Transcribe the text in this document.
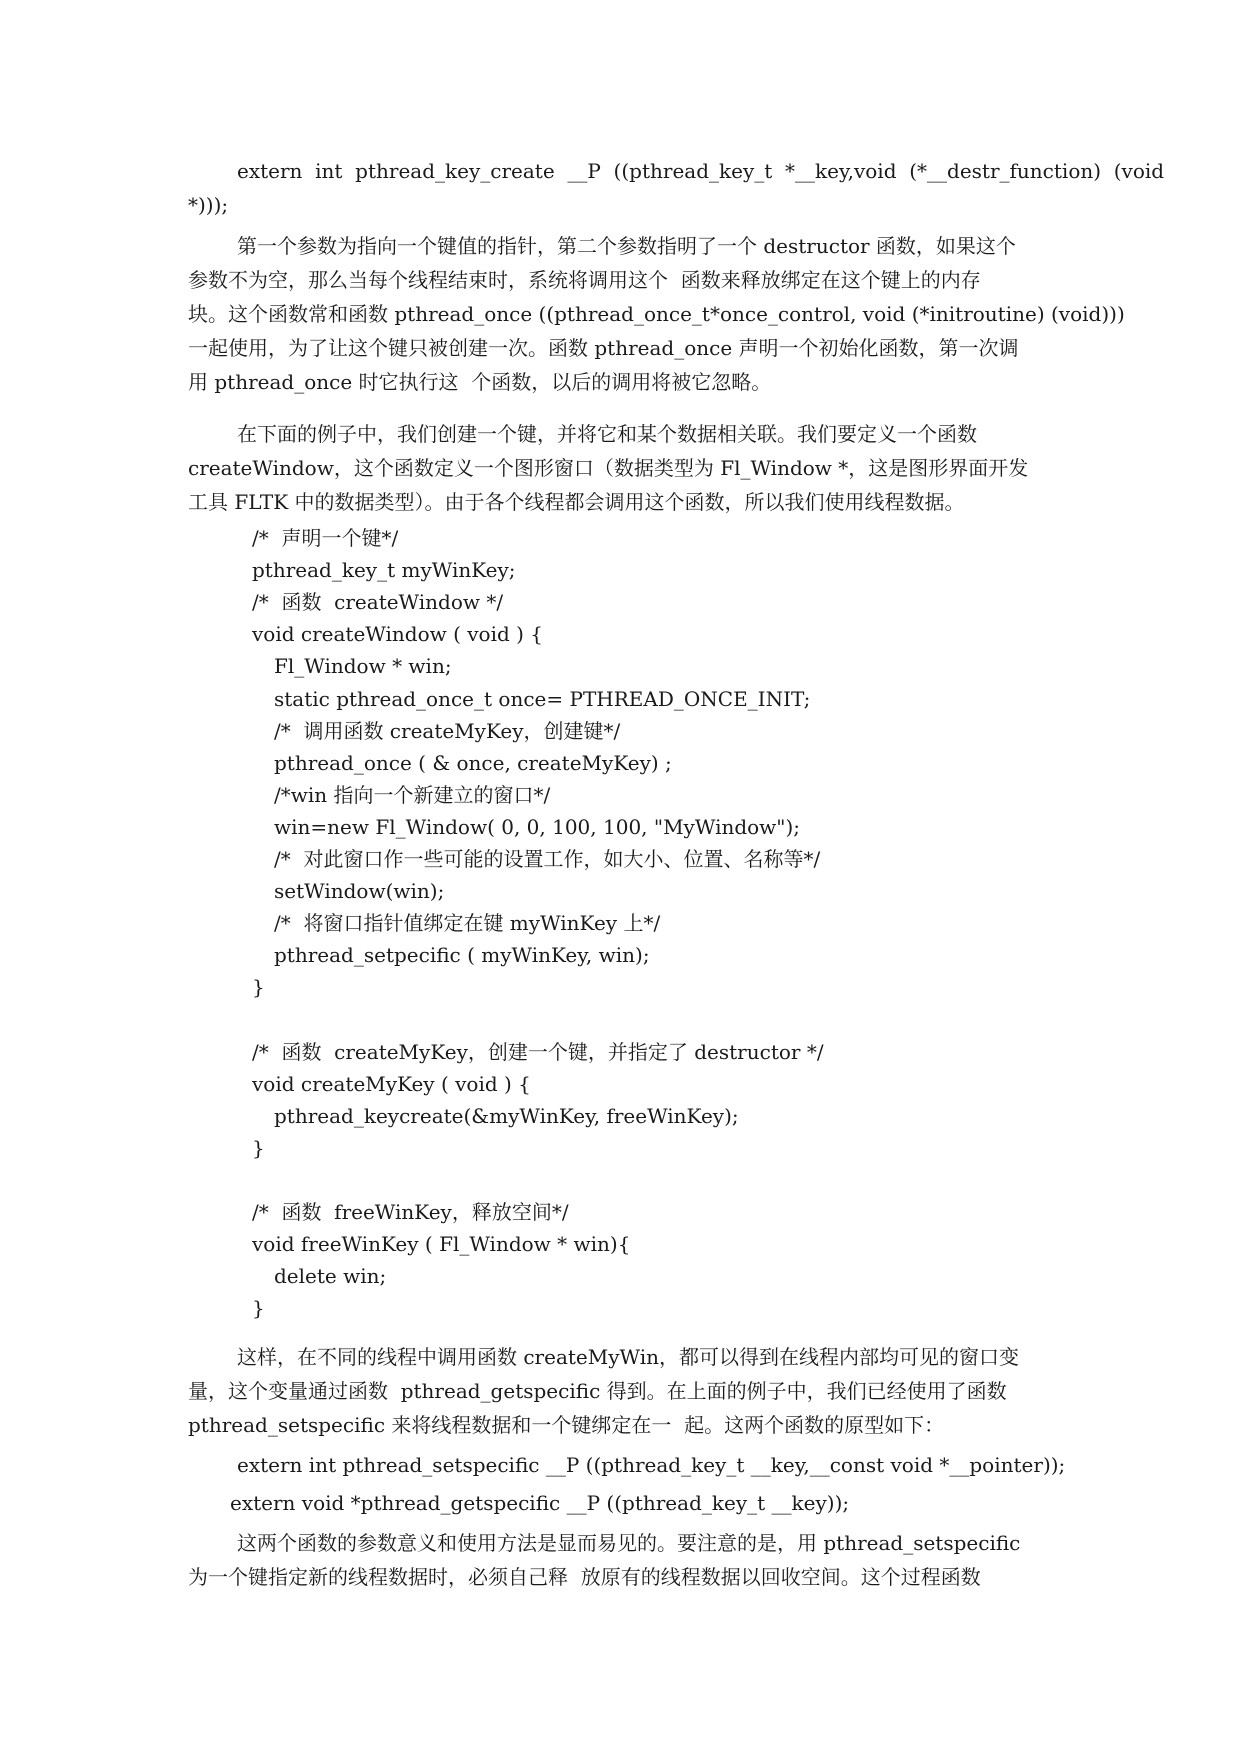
extern  int  pthread_key_create  __P  ((pthread_key_t  *__key,void  (*__destr_function)  (void
*)));
第一个参数为指向一个键值的指针，第二个参数指明了一个 destructor 函数，如果这个
参数不为空，那么当每个线程结束时，系统将调用这个  函数来释放绑定在这个键上的内存
块。这个函数常和函数 pthread_once ((pthread_once_t*once_control, void (*initroutine) (void)))
一起使用，为了让这个键只被创建一次。函数 pthread_once 声明一个初始化函数，第一次调
用 pthread_once 时它执行这  个函数，以后的调用将被它忽略。
在下面的例子中，我们创建一个键，并将它和某个数据相关联。我们要定义一个函数
createWindow，这个函数定义一个图形窗口（数据类型为 Fl_Window *，这是图形界面开发
工具 FLTK 中的数据类型）。由于各个线程都会调用这个函数，所以我们使用线程数据。
/*  声明一个键*/
pthread_key_t myWinKey;
/*  函数  createWindow */
void createWindow ( void ) {
Fl_Window * win;
static pthread_once_t once= PTHREAD_ONCE_INIT;
/*  调用函数 createMyKey，创建键*/
pthread_once ( & once, createMyKey) ;
/*win 指向一个新建立的窗口*/
win=new Fl_Window( 0, 0, 100, 100, "MyWindow");
/*  对此窗口作一些可能的设置工作，如大小、位置、名称等*/
setWindow(win);
/*  将窗口指针值绑定在键 myWinKey 上*/
pthread_setpecific ( myWinKey, win);
}
/*  函数  createMyKey，创建一个键，并指定了 destructor */
void createMyKey ( void ) {
pthread_keycreate(&myWinKey, freeWinKey);
}
/*  函数  freeWinKey，释放空间*/
void freeWinKey ( Fl_Window * win){
delete win;
}
这样，在不同的线程中调用函数 createMyWin，都可以得到在线程内部均可见的窗口变
量，这个变量通过函数  pthread_getspecific 得到。在上面的例子中，我们已经使用了函数
pthread_setspecific 来将线程数据和一个键绑定在一  起。这两个函数的原型如下：
extern int pthread_setspecific __P ((pthread_key_t __key,__const void *__pointer));
extern void *pthread_getspecific __P ((pthread_key_t __key));
这两个函数的参数意义和使用方法是显而易见的。要注意的是，用 pthread_setspecific
为一个键指定新的线程数据时，必须自己释  放原有的线程数据以回收空间。这个过程函数
